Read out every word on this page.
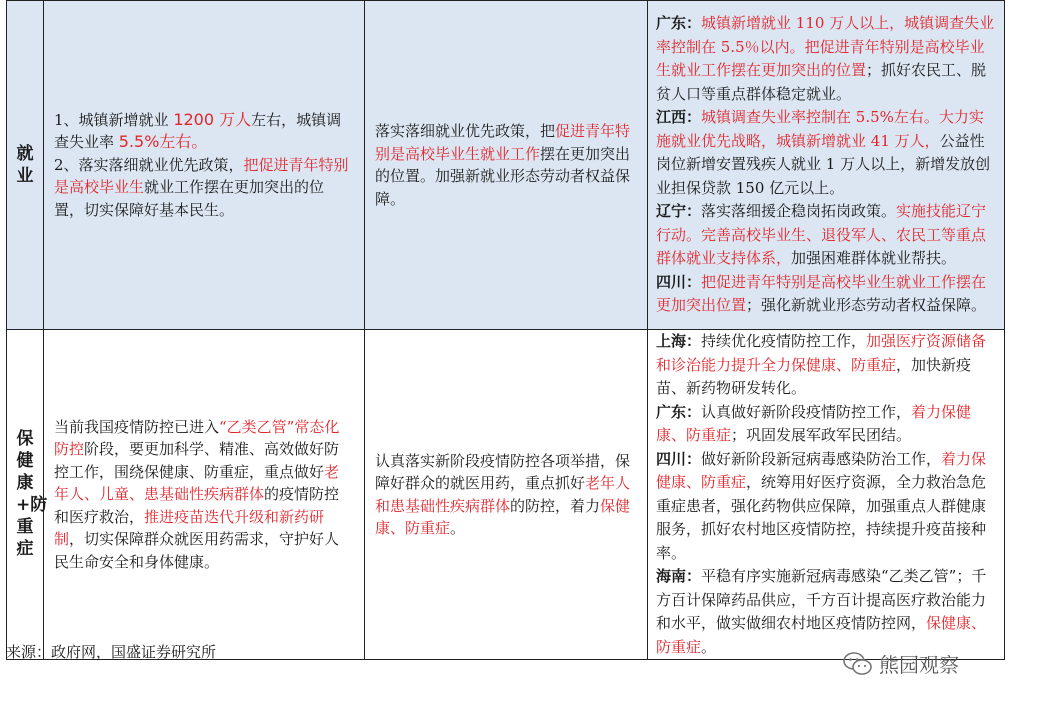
就业	1、城镇新增就业 1200 万人左右，城镇调查失业率 5.5%左右。
2、落实落细就业优先政策，把促进青年特别是高校毕业生就业工作摆在更加突出的位置，切实保障好基本民生。	落实落细就业优先政策，把促进青年特别是高校毕业生就业工作摆在更加突出的位置。加强新就业形态劳动者权益保障。	广东：城镇新增就业 110 万人以上，城镇调查失业率控制在 5.5％以内。把促进青年特别是高校毕业生就业工作摆在更加突出的位置；抓好农民工、脱贫人口等重点群体稳定就业。
江西：城镇调查失业率控制在 5.5%左右。大力实施就业优先战略，城镇新增就业 41 万人，公益性岗位新增安置残疾人就业 1 万人以上，新增发放创业担保贷款 150 亿元以上。
辽宁：落实落细援企稳岗拓岗政策。实施技能辽宁行动。完善高校毕业生、退役军人、农民工等重点群体就业支持体系，加强困难群体就业帮扶。
四川：把促进青年特别是高校毕业生就业工作摆在更加突出位置；强化新就业形态劳动者权益保障。

保健康+防重症	当前我国疫情防控已进入“乙类乙管”常态化防控阶段，要更加科学、精准、高效做好防控工作，围绕保健康、防重症，重点做好老年人、儿童、患基础性疾病群体的疫情防控和医疗救治，推进疫苗迭代升级和新药研制，切实保障群众就医用药需求，守护好人民生命安全和身体健康。	认真落实新阶段疫情防控各项举措，保障好群众的就医用药，重点抓好老年人和患基础性疾病群体的防控，着力保健康、防重症。	上海：持续优化疫情防控工作，加强医疗资源储备和诊治能力提升全力保健康、防重症，加快新疫苗、新药物研发转化。
广东：认真做好新阶段疫情防控工作，着力保健康、防重症；巩固发展军政军民团结。
四川：做好新阶段新冠病毒感染防治工作，着力保健康、防重症，统筹用好医疗资源，全力救治急危重症患者，强化药物供应保障，加强重点人群健康服务，抓好农村地区疫情防控，持续提升疫苗接种率。
海南：平稳有序实施新冠病毒感染“乙类乙管”；千方百计保障药品供应，千方百计提高医疗救治能力和水平，做实做细农村地区疫情防控网，保健康、防重症。
来源：政府网，国盛证券研究所
熊园观察
